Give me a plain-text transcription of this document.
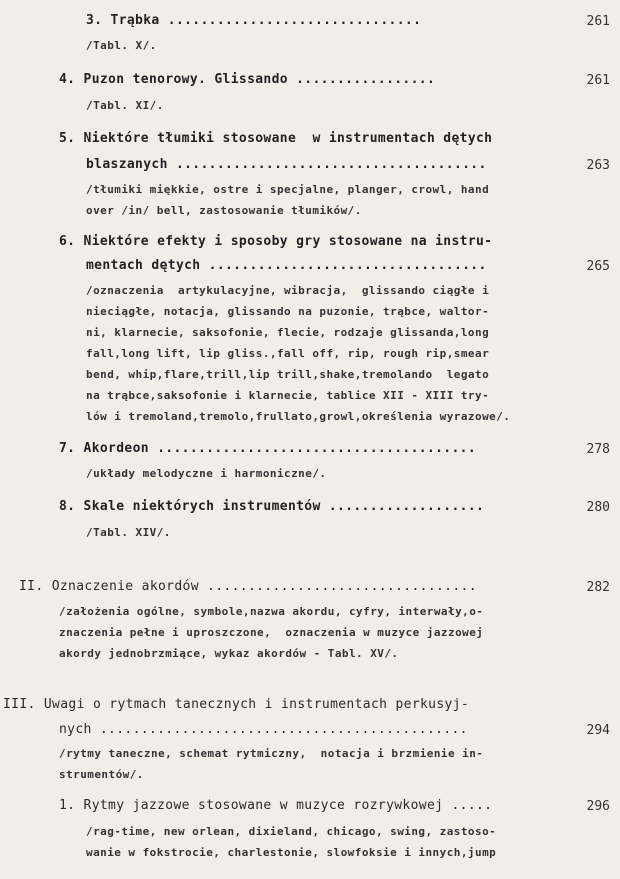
3. Trąbka ...............................	261
/Tabl. X/.
4. Puzon tenorowy. Glissando .................	261
/Tabl. XI/.
5. Niektóre tłumiki stosowane  w instrumentach dętych
blaszanych ......................................	263
/tłumiki miękkie, ostre i specjalne, planger, crowl, hand
over /in/ bell, zastosowanie tłumików/.
6. Niektóre efekty i sposoby gry stosowane na instru-
mentach dętych ..................................	265
/oznaczenia  artykulacyjne, wibracja,  glissando ciągłe i
nieciągłe, notacja, glissando na puzonie, trąbce, waltor-
ni, klarnecie, saksofonie, flecie, rodzaje glissanda,long
fall,long lift, lip gliss.,fall off, rip, rough rip,smear
bend, whip,flare,trill,lip trill,shake,tremolando  legato
na trąbce,saksofonie i klarnecie, tablice XII - XIII try-
lów i tremoland,tremolo,frullato,growl,określenia wyrazowe/.
7. Akordeon .......................................	278
/układy melodyczne i harmoniczne/.
8. Skale niektórych instrumentów ...................	280
/Tabl. XIV/.
II. Oznaczenie akordów .................................	282
/założenia ogólne, symbole,nazwa akordu, cyfry, interwały,o-
znaczenia pełne i uproszczone,  oznaczenia w muzyce jazzowej
akordy jednobrzmiące, wykaz akordów - Tabl. XV/.
III. Uwagi o rytmach tanecznych i instrumentach perkusyj-
nych .............................................	294
/rytmy taneczne, schemat rytmiczny,  notacja i brzmienie in-
strumentów/.
1. Rytmy jazzowe stosowane w muzyce rozrywkowej .....	296
/rag-time, new orlean, dixieland, chicago, swing, zastoso-
wanie w fokstrocie, charlestonie, slowfoksie i innych,jump
